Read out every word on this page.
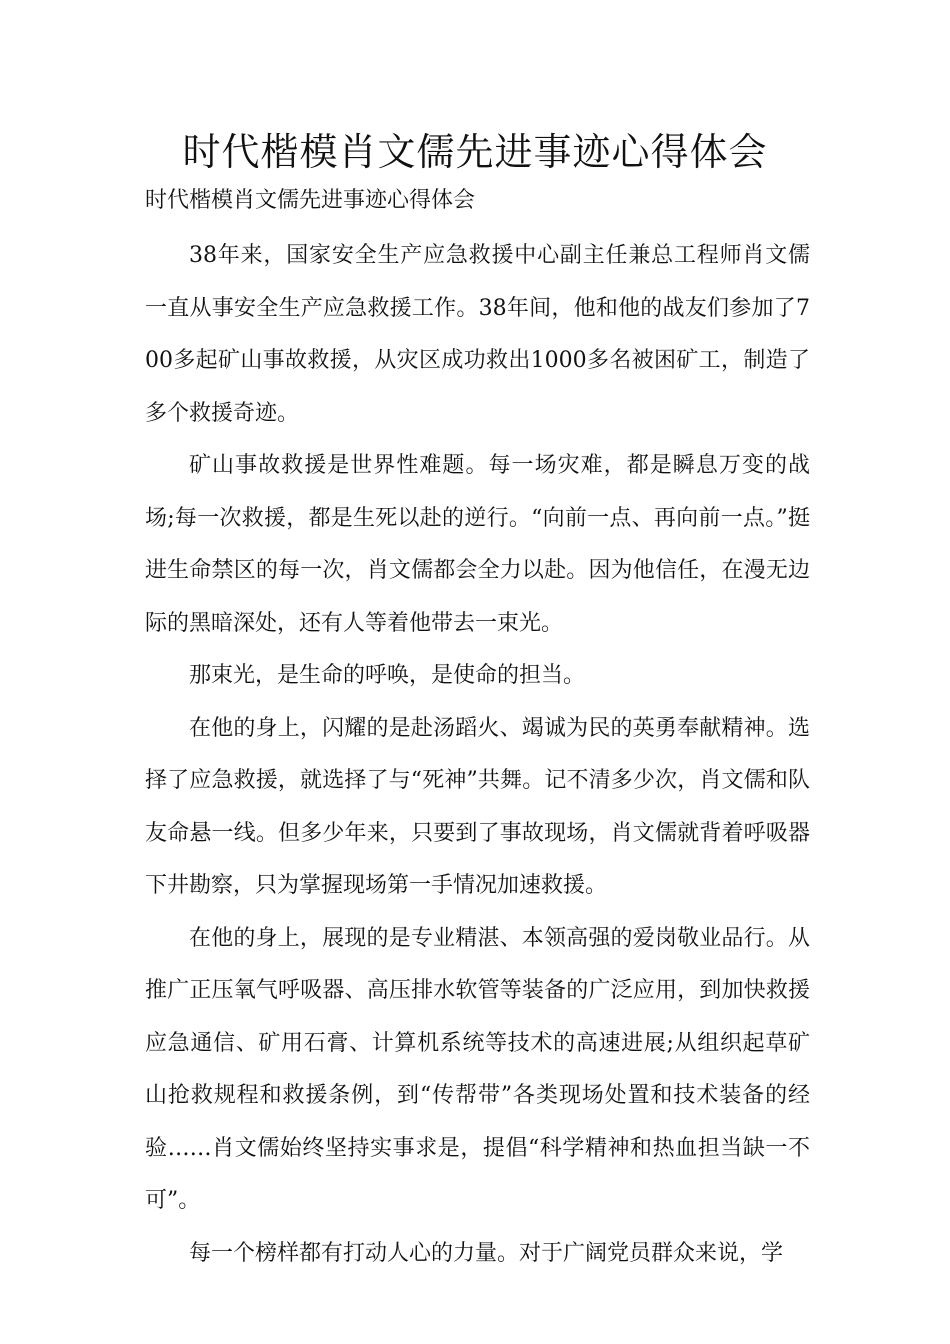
时代楷模肖文儒先进事迹心得体会

时代楷模肖文儒先进事迹心得体会

38年来，国家安全生产应急救援中心副主任兼总工程师肖文儒一直从事安全生产应急救援工作。38年间，他和他的战友们参加了700多起矿山事故救援，从灾区成功救出1000多名被困矿工，制造了多个救援奇迹。

矿山事故救援是世界性难题。每一场灾难，都是瞬息万变的战场;每一次救援，都是生死以赴的逆行。“向前一点、再向前一点。”挺进生命禁区的每一次，肖文儒都会全力以赴。因为他信任，在漫无边际的黑暗深处，还有人等着他带去一束光。

那束光，是生命的呼唤，是使命的担当。

在他的身上，闪耀的是赴汤蹈火、竭诚为民的英勇奉献精神。选择了应急救援，就选择了与“死神”共舞。记不清多少次，肖文儒和队友命悬一线。但多少年来，只要到了事故现场，肖文儒就背着呼吸器下井勘察，只为掌握现场第一手情况加速救援。

在他的身上，展现的是专业精湛、本领高强的爱岗敬业品行。从推广正压氧气呼吸器、高压排水软管等装备的广泛应用，到加快救援应急通信、矿用石膏、计算机系统等技术的高速进展;从组织起草矿山抢救规程和救援条例，到“传帮带”各类现场处置和技术装备的经验……肖文儒始终坚持实事求是，提倡“科学精神和热血担当缺一不可”。

每一个榜样都有打动人心的力量。对于广阔党员群众来说，学
